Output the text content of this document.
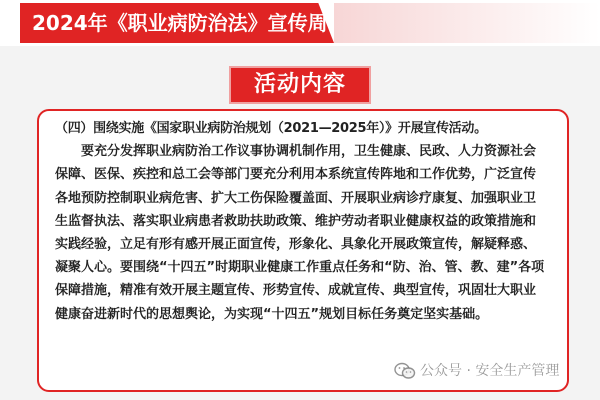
2024年《职业病防治法》宣传周
活动内容
（四）围绕实施《国家职业病防治规划（2021—2025年）》开展宣传活动。
要充分发挥职业病防治工作议事协调机制作用，卫生健康、民政、人力资源社会
保障、医保、疾控和总工会等部门要充分利用本系统宣传阵地和工作优势，广泛宣传
各地预防控制职业病危害、扩大工伤保险覆盖面、开展职业病诊疗康复、加强职业卫
生监督执法、落实职业病患者救助扶助政策、维护劳动者职业健康权益的政策措施和
实践经验，立足有形有感开展正面宣传，形象化、具象化开展政策宣传，解疑释惑、
凝聚人心。要围绕“十四五”时期职业健康工作重点任务和“防、治、管、教、建”各项
保障措施，精准有效开展主题宣传、形势宣传、成就宣传、典型宣传，巩固壮大职业
健康奋进新时代的思想舆论，为实现“十四五”规划目标任务奠定坚实基础。
公众号 · 安全生产管理
